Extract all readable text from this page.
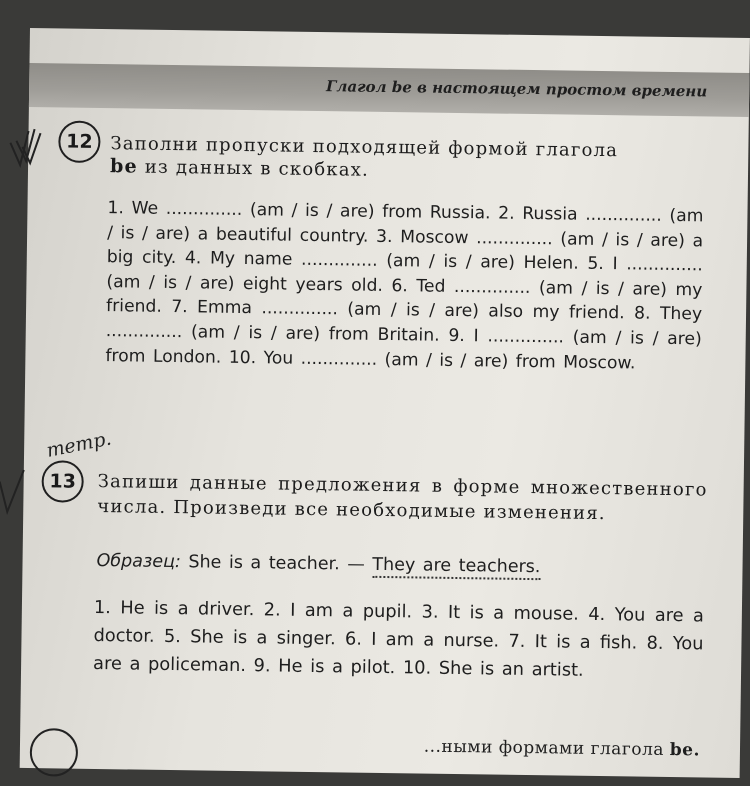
Глагол be в настоящем простом времени
тетр.
12 Заполни пропуски подходящей формой глагола
be из данных в скобках.
1. We .............. (am / is / are) from Russia. 2. Russia .............. (am / is / are) a beautiful country. 3. Moscow .............. (am / is / are) a big city. 4. My name .............. (am / is / are) Helen. 5. I .............. (am / is / are) eight years old. 6. Ted .............. (am / is / are) my friend. 7. Emma .............. (am / is / are) also my friend. 8. They .............. (am / is / are) from Britain. 9. I .............. (am / is / are) from London. 10. You .............. (am / is / are) from Moscow.
13	Запиши данные предложения в форме множественного числа. Произведи все необходимые изменения.
Образец: She is a teacher. — They are teachers.
1. He is a driver. 2. I am a pupil. 3. It is a mouse. 4. You are a doctor. 5. She is a singer. 6. I am a nurse. 7. It is a fish. 8. You are a policeman. 9. He is a pilot. 10. She is an artist.
...ными формами глагола be.
